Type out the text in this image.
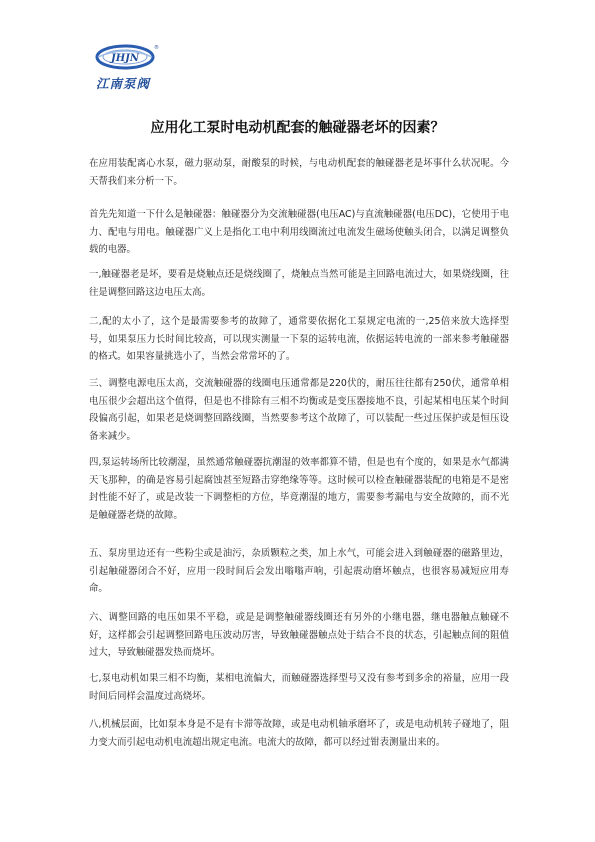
JHJN
®
江南泵阀
应用化工泵时电动机配套的触碰器老坏的因素？

在应用装配离心水泵，磁力驱动泵，耐酸泵的时候，与电动机配套的触碰器老是坏事什么状况呢。今天帮我们来分析一下。

首先先知道一下什么是触碰器：触碰器分为交流触碰器(电压AC)与直流触碰器(电压DC)，它使用于电力、配电与用电。触碰器广义上是指化工电中利用线圈流过电流发生磁场使触头闭合，以满足调整负载的电器。

一,触碰器老是坏，要看是烧触点还是烧线圈了，烧触点当然可能是主回路电流过大，如果烧线圈，往往是调整回路这边电压太高。

二,配的太小了，这个是最需要参考的故障了，通常要依据化工泵规定电流的一,25倍来放大选择型号，如果泵压力长时间比较高，可以现实测量一下泵的运转电流，依据运转电流的一部来参考触碰器的格式。如果容量挑选小了，当然会常常坏的了。

三、调整电源电压太高，交流触碰器的线圈电压通常都是220伏的，耐压往往都有250伏，通常单相电压很少会超出这个值得，但是也不排除有三相不均衡或是变压器接地不良，引起某相电压某个时间段偏高引起，如果老是烧调整回路线圈，当然要参考这个故障了，可以装配一些过压保护或是恒压设备来减少。

四,泵运转场所比较潮湿，虽然通常触碰器抗潮湿的效率都算不错，但是也有个度的，如果是水气都满天飞那种，的确是容易引起腐蚀甚至短路击穿绝缘等等。这时候可以检查触碰器装配的电箱是不是密封性能不好了，或是改装一下调整柜的方位，毕竟潮湿的地方，需要参考漏电与安全故障的，而不光是触碰器老烧的故障。

五、泵房里边还有一些粉尘或是油污，杂质颗粒之类，加上水气，可能会进入到触碰器的磁路里边，引起触碰器闭合不好，应用一段时间后会发出嗡嗡声响，引起震动磨坏触点，也很容易减短应用寿命。

六、调整回路的电压如果不平稳，或是是调整触碰器线圈还有另外的小继电器，继电器触点触碰不好，这样都会引起调整回路电压波动厉害，导致触碰器触点处于结合不良的状态，引起触点间的阻值过大，导致触碰器发热而烧坏。

七,泵电动机如果三相不均衡，某相电流偏大，而触碰器选择型号又没有参考到多余的裕量，应用一段时间后同样会温度过高烧坏。

八,机械层面，比如泵本身是不是有卡滞等故障，或是电动机轴承磨坏了，或是电动机转子碰地了，阻力变大而引起电动机电流超出规定电流。电流大的故障，都可以经过钳表测量出来的。
